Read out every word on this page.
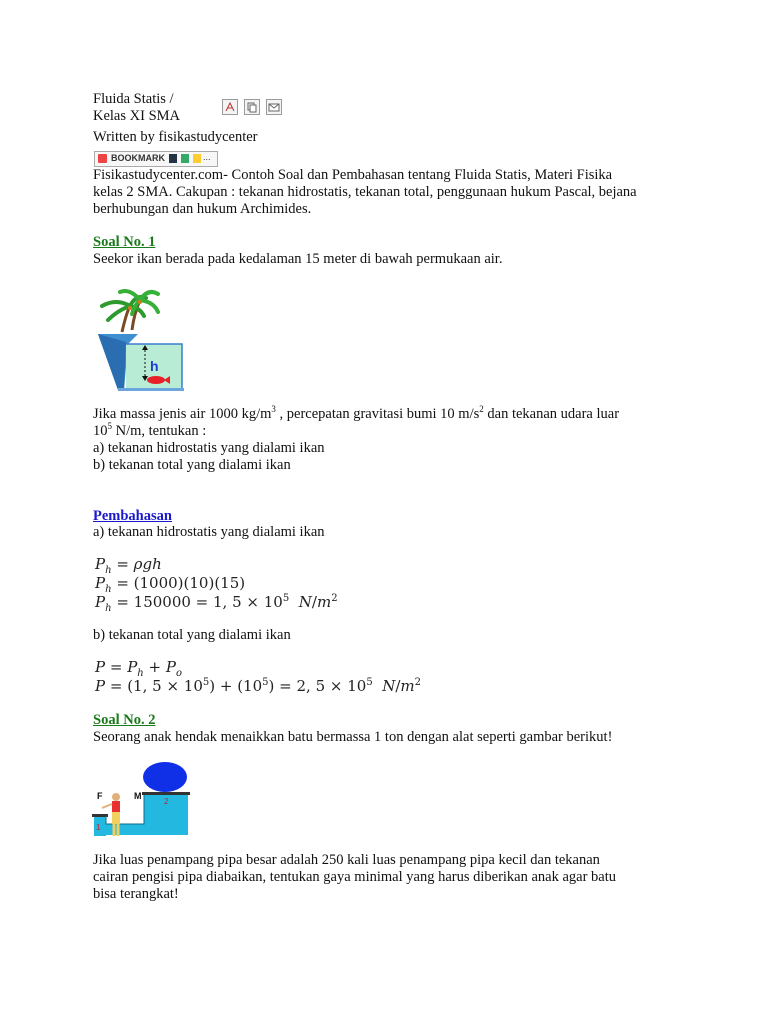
Fluida Statis /
Kelas XI SMA
Written by fisikastudycenter
BOOKMARK	...
Fisikastudycenter.com- Contoh Soal dan Pembahasan tentang Fluida Statis, Materi Fisika
kelas 2 SMA. Cakupan : tekanan hidrostatis, tekanan total, penggunaan hukum Pascal, bejana
berhubungan dan hukum Archimides.
Soal No. 1
Seekor ikan berada pada kedalaman 15 meter di bawah permukaan air.
h
Jika massa jenis air 1000 $kg/m^3$ , percepatan gravitasi bumi 10 $m/s^2$ dan tekanan udara luar
$10^5$ N/m, tentukan :
a) tekanan hidrostatis yang dialami ikan
b) tekanan total yang dialami ikan
Pembahasan
a) tekanan hidrostatis yang dialami ikan
$P_h = \rho gh$
$P_h = (1000)(10)(15)$
$P_h = 150000 = 1$, $5 \times 10^5$ $N/m^2$
b) tekanan total yang dialami ikan
$P = P_h + P_o$
P = (1, $5 \times 10^5) + (10^5) = 2$, $5 \times 10^5$ $N/m^2$
Soal No. 2
Seorang anak hendak menaikkan batu bermassa 1 ton dengan alat seperti gambar berikut!
F	M
1
2
Jika luas penampang pipa besar adalah 250 kali luas penampang pipa kecil dan tekanan
cairan pengisi pipa diabaikan, tentukan gaya minimal yang harus diberikan anak agar batu
bisa terangkat!
